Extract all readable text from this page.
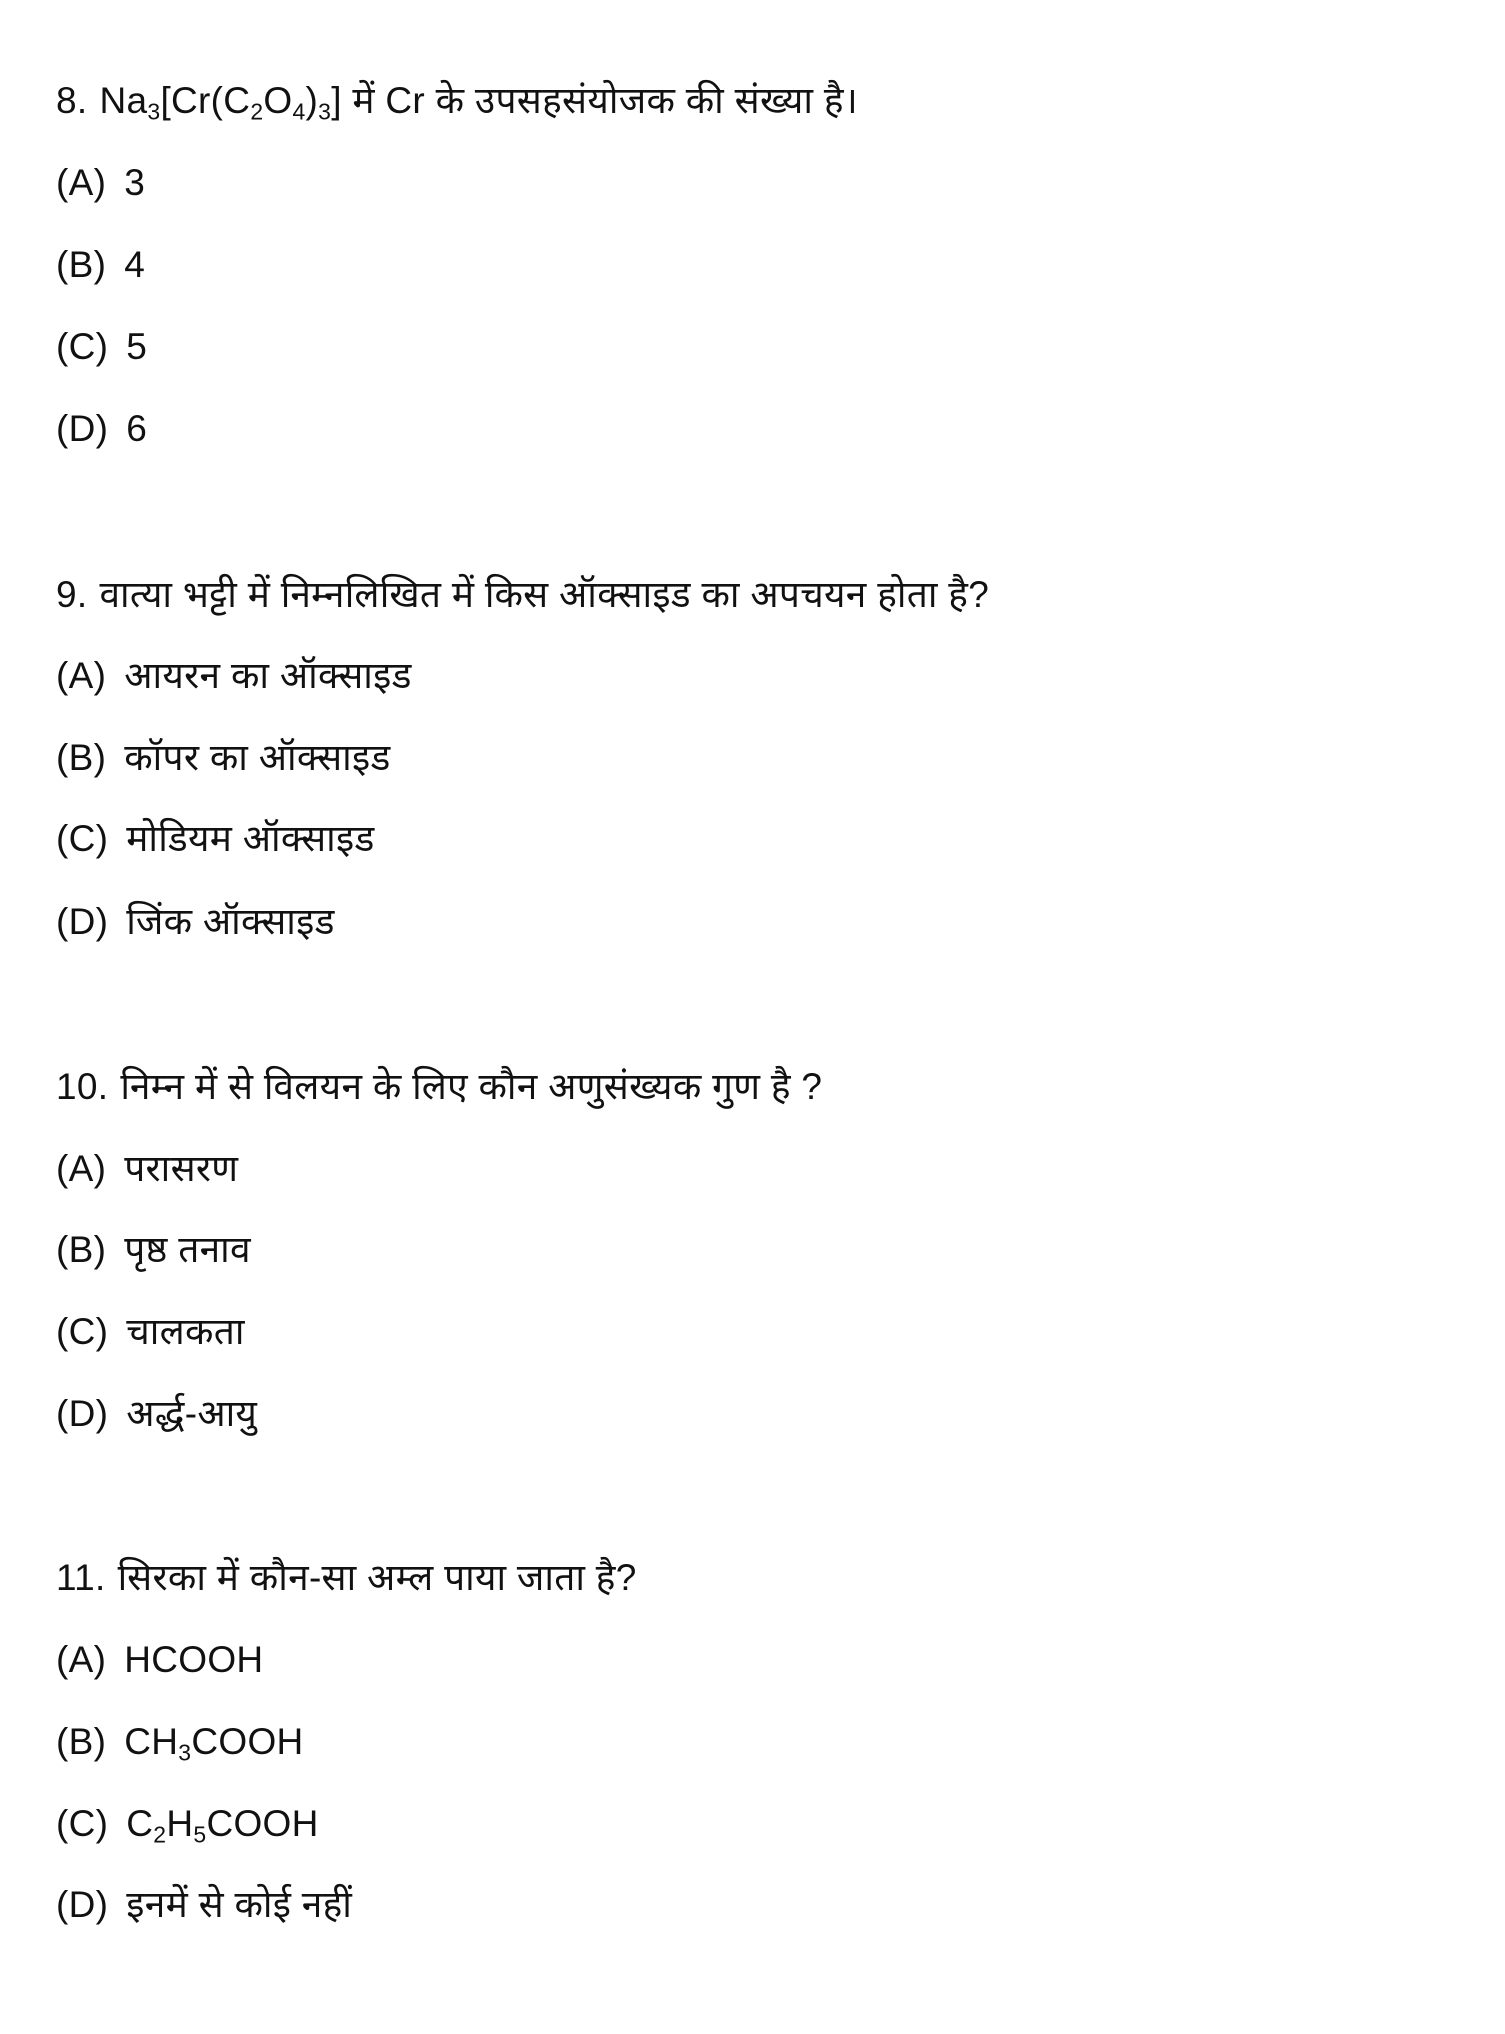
8. $Na_3[Cr(C_2O_4)_3]$ में Cr के उपसहसंयोजक की संख्या है।
(A) 3
(B) 4
(C) 5
(D) 6
9. वात्या भट्टी में निम्नलिखित में किस ऑक्साइड का अपचयन होता है?
(A) आयरन का ऑक्साइड
(B) कॉपर का ऑक्साइड
(C) मोडियम ऑक्साइड
(D) जिंक ऑक्साइड
10. निम्न में से विलयन के लिए कौन अणुसंख्यक गुण है ?
(A) परासरण
(B) पृष्ठ तनाव
(C) चालकता
(D) अर्द्ध-आयु
11. सिरका में कौन-सा अम्ल पाया जाता है?
(A) HCOOH
(B) $CH_3COOH$
(C) $C_2H_5COOH$
(D) इनमें से कोई नहीं
